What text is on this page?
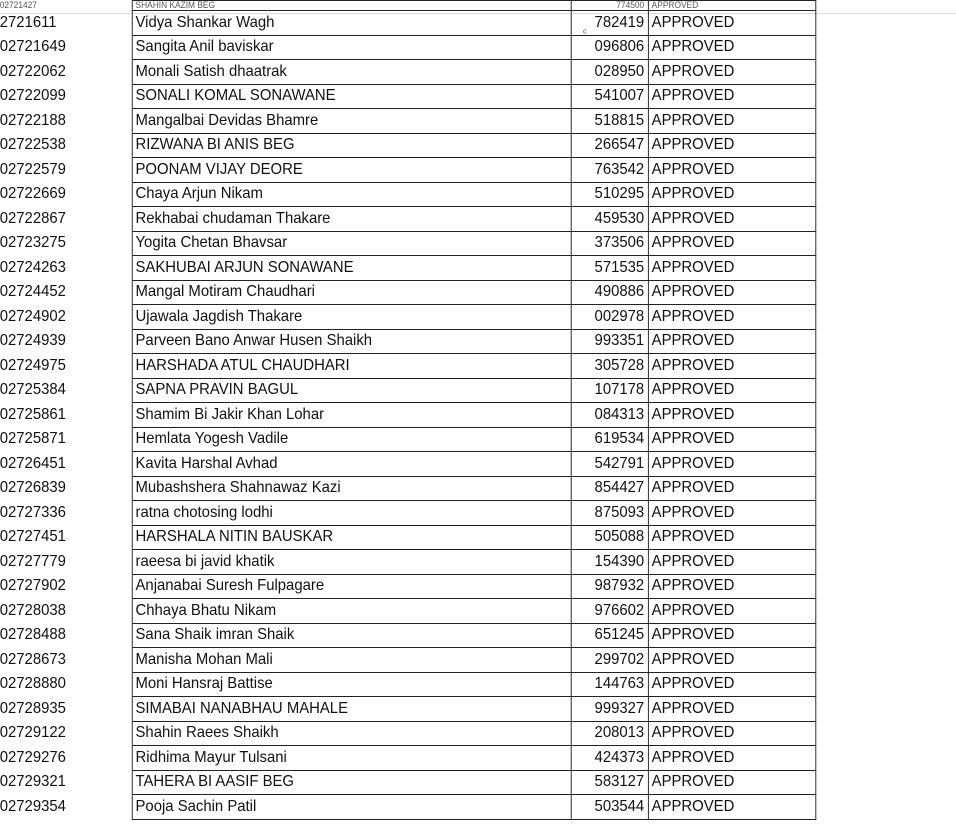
02721427	SHAHIN KAZIM BEG	774500	APPROVED
2721611	Vidya Shankar Wagh	782419	APPROVED
02721649	Sangita Anil baviskar	096806	APPROVED
02722062	Monali Satish dhaatrak	028950	APPROVED
02722099	SONALI KOMAL SONAWANE	541007	APPROVED
02722188	Mangalbai Devidas Bhamre	518815	APPROVED
02722538	RIZWANA BI ANIS BEG	266547	APPROVED
02722579	POONAM VIJAY DEORE	763542	APPROVED
02722669	Chaya Arjun Nikam	510295	APPROVED
02722867	Rekhabai chudaman Thakare	459530	APPROVED
02723275	Yogita Chetan Bhavsar	373506	APPROVED
02724263	SAKHUBAI ARJUN SONAWANE	571535	APPROVED
02724452	Mangal Motiram Chaudhari	490886	APPROVED
02724902	Ujawala Jagdish Thakare	002978	APPROVED
02724939	Parveen Bano Anwar Husen Shaikh	993351	APPROVED
02724975	HARSHADA ATUL CHAUDHARI	305728	APPROVED
02725384	SAPNA PRAVIN BAGUL	107178	APPROVED
02725861	Shamim Bi Jakir Khan Lohar	084313	APPROVED
02725871	Hemlata Yogesh Vadile	619534	APPROVED
02726451	Kavita Harshal Avhad	542791	APPROVED
02726839	Mubashshera Shahnawaz Kazi	854427	APPROVED
02727336	ratna chotosing lodhi	875093	APPROVED
02727451	HARSHALA NITIN BAUSKAR	505088	APPROVED
02727779	raeesa bi javid khatik	154390	APPROVED
02727902	Anjanabai Suresh Fulpagare	987932	APPROVED
02728038	Chhaya Bhatu Nikam	976602	APPROVED
02728488	Sana Shaik imran Shaik	651245	APPROVED
02728673	Manisha Mohan Mali	299702	APPROVED
02728880	Moni Hansraj Battise	144763	APPROVED
02728935	SIMABAI NANABHAU MAHALE	999327	APPROVED
02729122	Shahin Raees Shaikh	208013	APPROVED
02729276	Ridhima Mayur Tulsani	424373	APPROVED
02729321	TAHERA BI AASIF BEG	583127	APPROVED
02729354	Pooja Sachin Patil	503544	APPROVED
ᶜ
